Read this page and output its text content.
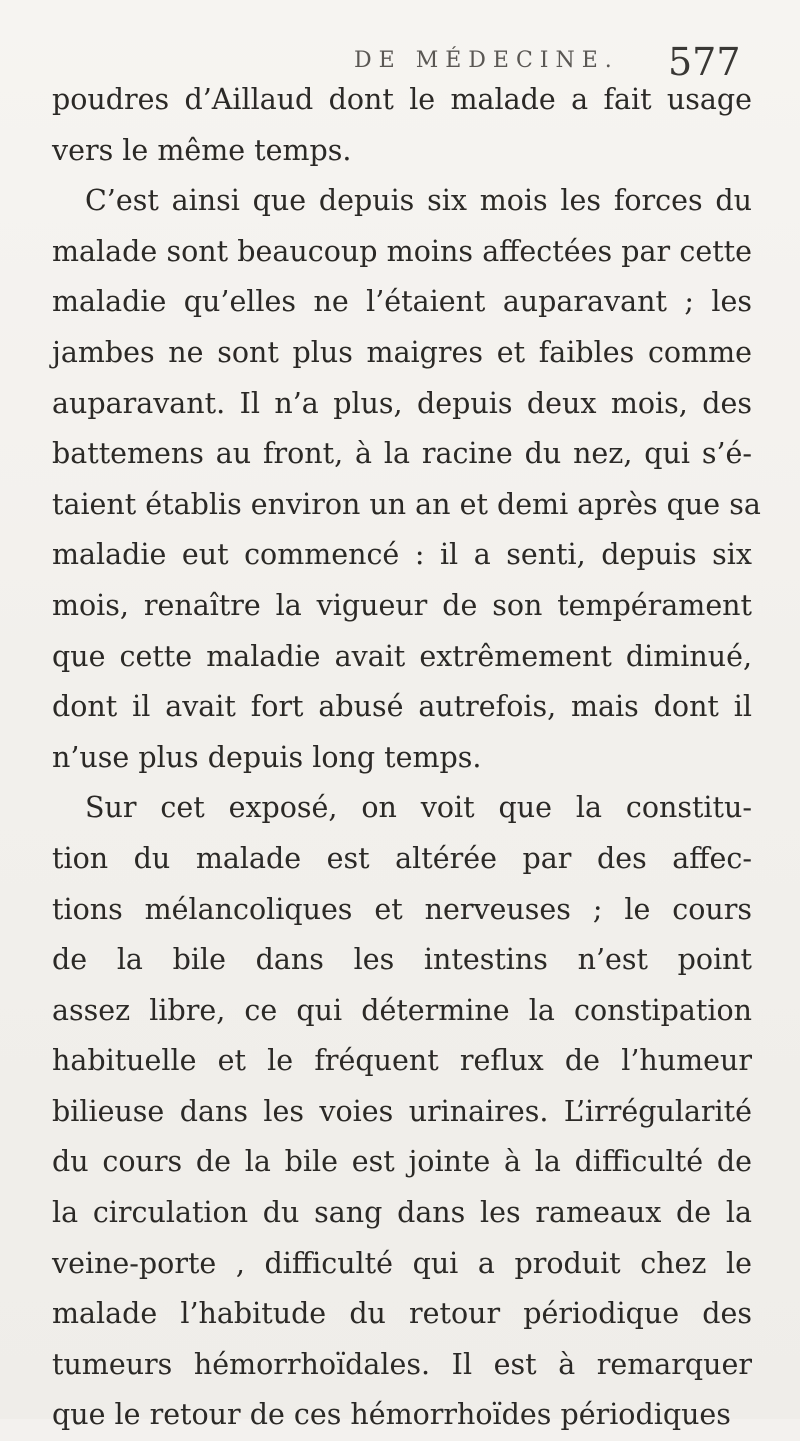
DE MÉDECINE. 577
poudres d’Aillaud dont le malade a fait usage
vers le même temps.
C’est ainsi que depuis six mois les forces du
malade sont beaucoup moins affectées par cette
maladie qu’elles ne l’étaient auparavant ; les
jambes ne sont plus maigres et faibles comme
auparavant. Il n’a plus, depuis deux mois, des
battemens au front, à la racine du nez, qui s’é-
taient établis environ un an et demi après que sa
maladie eut commencé : il a senti, depuis six
mois, renaître la vigueur de son tempérament
que cette maladie avait extrêmement diminué,
dont il avait fort abusé autrefois, mais dont il
n’use plus depuis long temps.
Sur cet exposé, on voit que la constitu-
tion du malade est altérée par des affec-
tions mélancoliques et nerveuses ; le cours
de la bile dans les intestins n’est point
assez libre, ce qui détermine la constipation
habituelle et le fréquent reflux de l’humeur
bilieuse dans les voies urinaires. L’irrégularité
du cours de la bile est jointe à la difficulté de
la circulation du sang dans les rameaux de la
veine-porte , difficulté qui a produit chez le
malade l’habitude du retour périodique des
tumeurs hémorrhoïdales. Il est à remarquer
que le retour de ces hémorrhoïdes périodiques
